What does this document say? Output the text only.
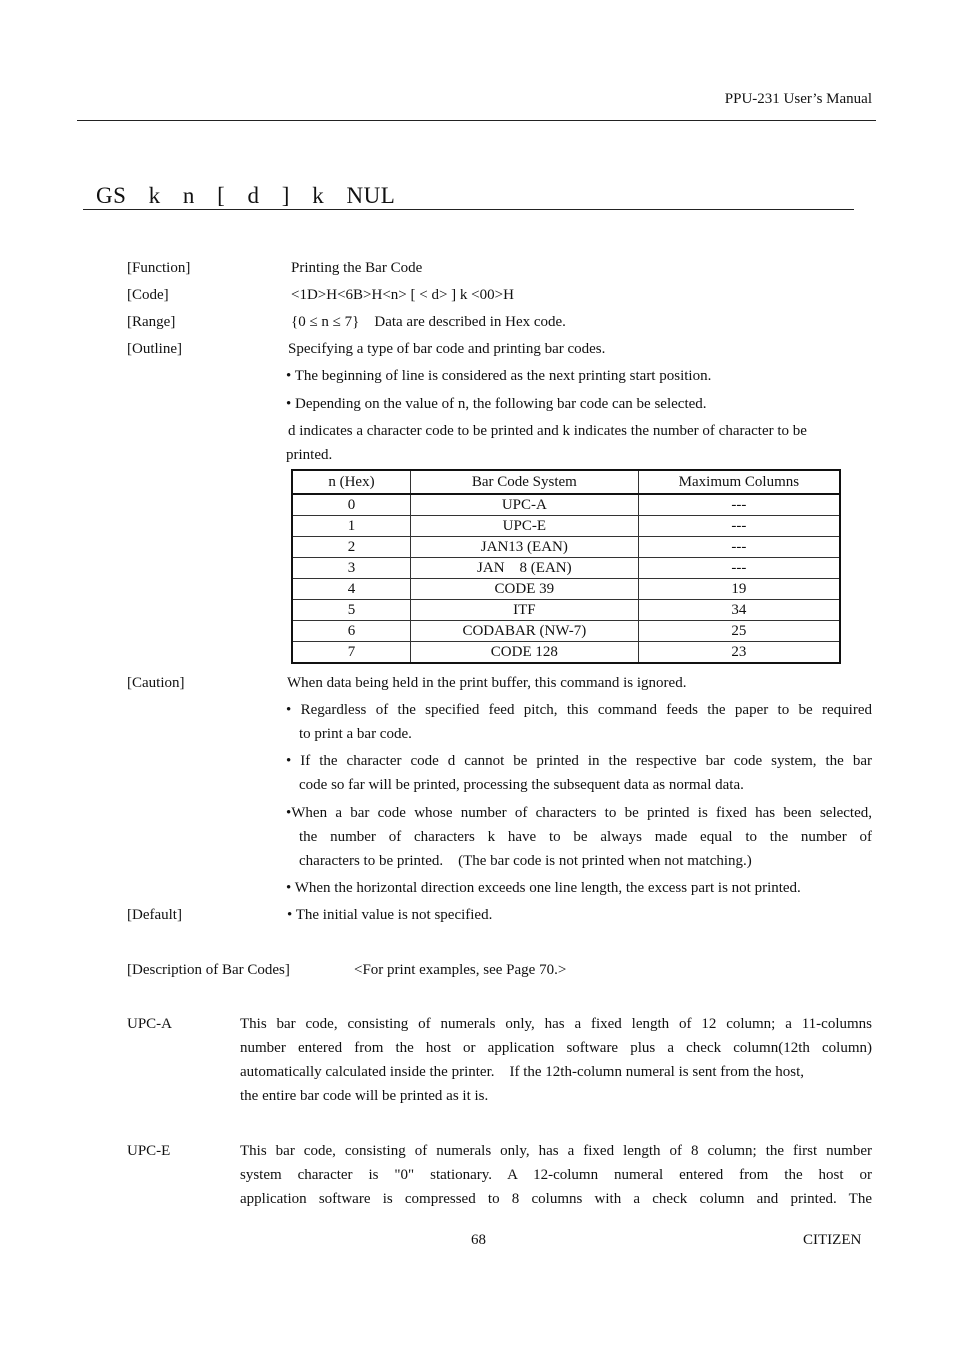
PPU-231 User’s Manual
GS k n [ d ] k NUL
[Function]	Printing the Bar Code
[Code]	<1D>H<6B>H<n> [ < d> ] k <00>H
[Range]	{0 ≤ n ≤ 7}    Data are described in Hex code.
[Outline]	Specifying a type of bar code and printing bar codes.
• The beginning of line is considered as the next printing start position.
• Depending on the value of n, the following bar code can be selected.
d indicates a character code to be printed and k indicates the number of character to be
printed.
n (Hex)	Bar Code System	Maximum Columns
0	UPC-A	---
1	UPC-E	---
2	JAN13 (EAN)	---
3	JAN    8 (EAN)	---
4	CODE 39	19
5	ITF	34
6	CODABAR (NW-7)	25
7	CODE 128	23
[Caution]	When data being held in the print buffer, this command is ignored.
• Regardless of the specified feed pitch, this command feeds the paper to be required
to print a bar code.
• If the character code d cannot be printed in the respective bar code system, the bar
code so far will be printed, processing the subsequent data as normal data.
•When a bar code whose number of characters to be printed is fixed has been selected,
the number of characters k have to be always made equal to the number of
characters to be printed.    (The bar code is not printed when not matching.)
• When the horizontal direction exceeds one line length, the excess part is not printed.
[Default]	• The initial value is not specified.
[Description of Bar Codes]	<For print examples, see Page 70.>
UPC-A	This bar code, consisting of numerals only, has a fixed length of 12 column; a 11-columns
number entered from the host or application software plus a check column(12th column)
automatically calculated inside the printer.    If the 12th-column numeral is sent from the host,
the entire bar code will be printed as it is.
UPC-E	This bar code, consisting of numerals only, has a fixed length of 8 column; the first number
system character is "0" stationary. A 12-column numeral entered from the host or
application software is compressed to 8 columns with a check column and printed. The
68	CITIZEN
